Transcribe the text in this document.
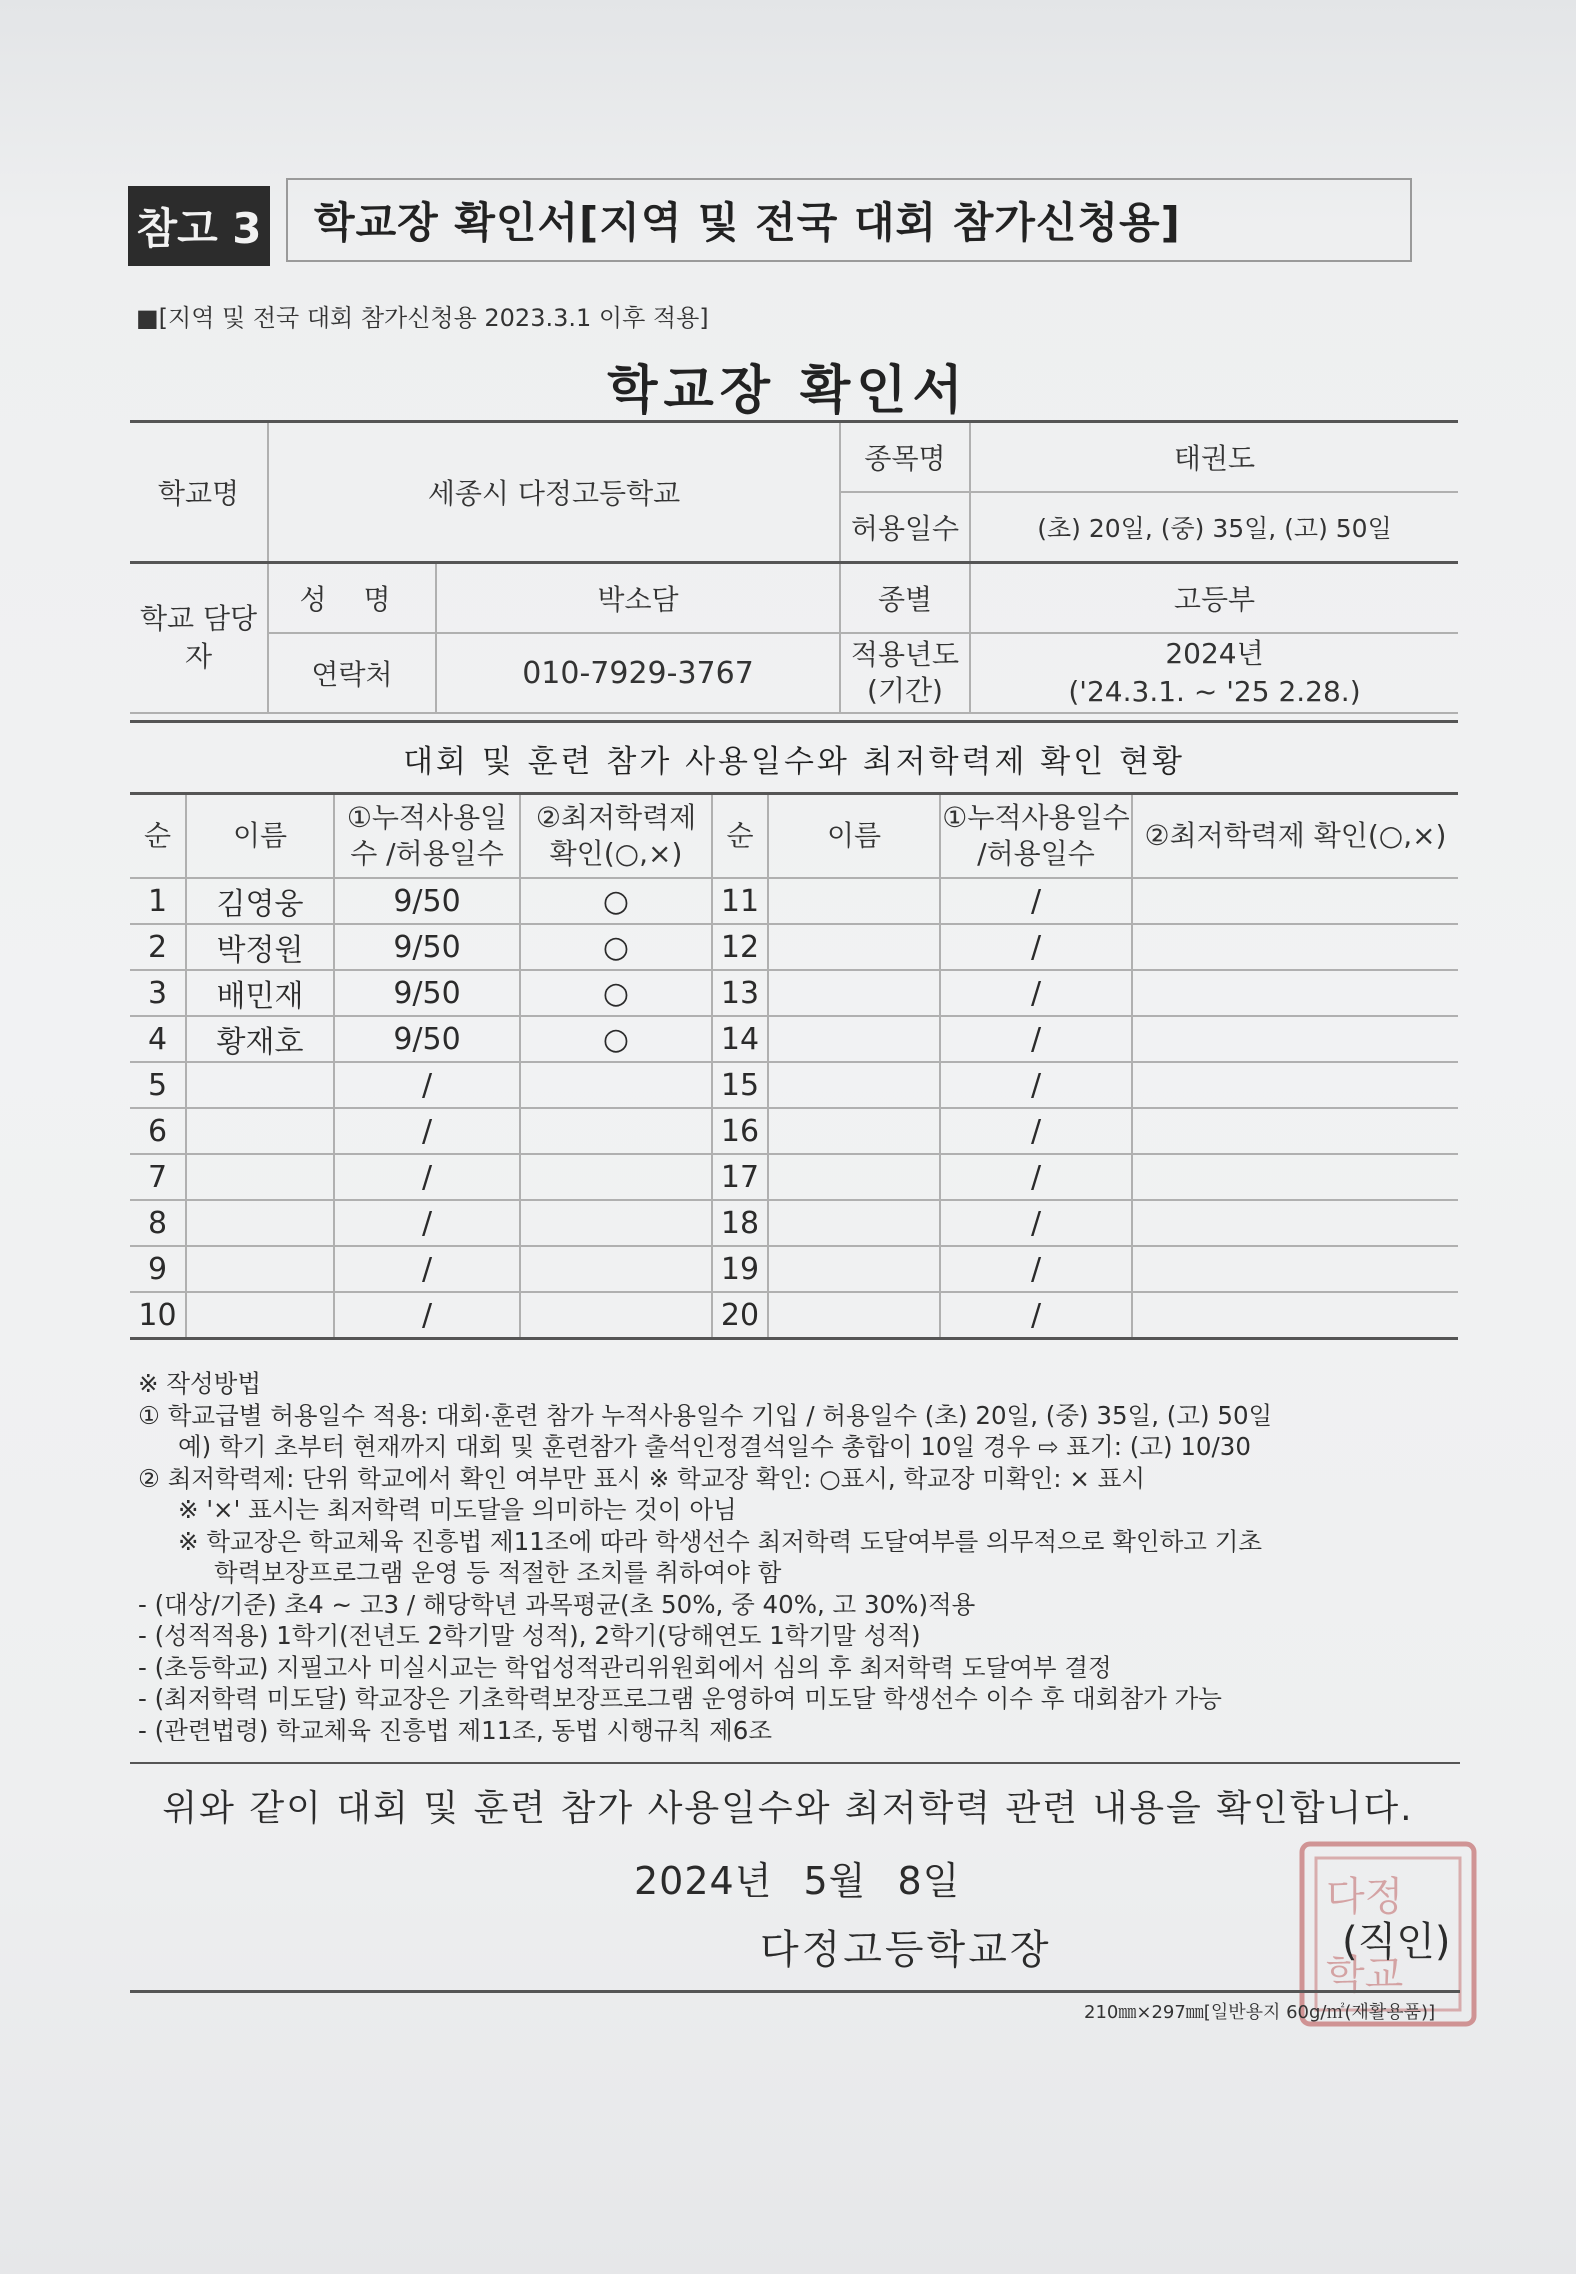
참고 3	학교장 확인서[지역 및 전국 대회 참가신청용]
■[지역 및 전국 대회 참가신청용 2023.3.1 이후 적용]
학교장 확인서
학교명	세종시 다정고등학교		종목명	태권도
			허용일수	(초) 20일, (중) 35일, (고) 50일
학교 담당자	성 명	박소담	종별	고등부
	연락처	010-7929-3767	적용년도 (기간)	2024년
('24.3.1. ~ '25 2.28.)
대회 및 훈련 참가 사용일수와 최저학력제 확인 현황
순	이름	①누적사용일수 /허용일수	②최저학력제 확인(○,×)	순	이름	①누적사용일수 /허용일수	②최저학력제 확인(○,×)
1	김영웅	9/50	○	11		/	
2	박정원	9/50	○	12		/	
3	배민재	9/50	○	13		/	
4	황재호	9/50	○	14		/	
5		/		15		/	
6		/		16		/	
7		/		17		/	
8		/		18		/	
9		/		19		/	
10		/		20		/	
※ 작성방법
① 학교급별 허용일수 적용: 대회·훈련 참가 누적사용일수 기입 / 허용일수 (초) 20일, (중) 35일, (고) 50일
예) 학기 초부터 현재까지 대회 및 훈련참가 출석인정결석일수 총합이 10일 경우 ⇨ 표기: (고) 10/30
② 최저학력제: 단위 학교에서 확인 여부만 표시 ※ 학교장 확인: ○표시, 학교장 미확인: × 표시
※ '×' 표시는 최저학력 미도달을 의미하는 것이 아님
※ 학교장은 학교체육 진흥법 제11조에 따라 학생선수 최저학력 도달여부를 의무적으로 확인하고 기초
학력보장프로그램 운영 등 적절한 조치를 취하여야 함
- (대상/기준) 초4 ~ 고3 / 해당학년 과목평균(초 50%, 중 40%, 고 30%)적용
- (성적적용) 1학기(전년도 2학기말 성적), 2학기(당해연도 1학기말 성적)
- (초등학교) 지필고사 미실시교는 학업성적관리위원회에서 심의 후 최저학력 도달여부 결정
- (최저학력 미도달) 학교장은 기초학력보장프로그램 운영하여 미도달 학생선수 이수 후 대회참가 가능
- (관련법령) 학교체육 진흥법 제11조, 동법 시행규칙 제6조
위와 같이 대회 및 훈련 참가 사용일수와 최저학력 관련 내용을 확인합니다.
2024년 5월 8일
다정고등학교장
다정
학교
(직인)
210㎜×297㎜[일반용지 60g/㎡(재활용품)]
